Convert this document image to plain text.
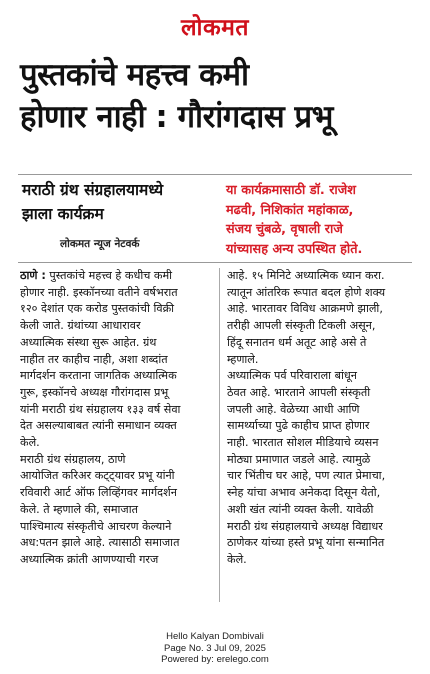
लोकमत
पुस्तकांचे महत्त्व कमी
होणार नाही : गौरांगदास प्रभू
मराठी ग्रंथ संग्रहालयामध्ये
झाला कार्यक्रम
लोकमत न्यूज नेटवर्क
या कार्यक्रमासाठी डॉ. राजेश
मढवी, निशिकांत महांकाळ,
संजय चुंबळे, वृषाली राजे
यांच्यासह अन्य उपस्थित होते.
ठाणे : पुस्तकांचे महत्त्व हे कधीच कमी
होणार नाही. इस्कॉनच्या वतीने वर्षभरात
१२० देशांत एक करोड पुस्तकांची विक्री
केली जाते. ग्रंथांच्या आधारावर
अध्यात्मिक संस्था सुरू आहेत. ग्रंथ
नाहीत तर काहीच नाही, अशा शब्दांत
मार्गदर्शन करताना जागतिक अध्यात्मिक
गुरू, इस्कॉनचे अध्यक्ष गौरांगदास प्रभू
यांनी मराठी ग्रंथ संग्रहालय १३३ वर्ष सेवा
देत असल्याबाबत त्यांनी समाधान व्यक्त
केले.
मराठी ग्रंथ संग्रहालय, ठाणे
आयोजित करिअर कट्ट्यावर प्रभू यांनी
रविवारी आर्ट ऑफ लिव्हिंगवर मार्गदर्शन
केले. ते म्हणाले की, समाजात
पाश्चिमात्य संस्कृतीचे आचरण केल्याने
अध:पतन झाले आहे. त्यासाठी समाजात
अध्यात्मिक क्रांती आणण्याची गरज
आहे. १५ मिनिटे अध्यात्मिक ध्यान करा.
त्यातून आंतरिक रूपात बदल होणे शक्य
आहे. भारतावर विविध आक्रमणे झाली,
तरीही आपली संस्कृती टिकली असून,
हिंदू सनातन धर्म अतूट आहे असे ते
म्हणाले.
अध्यात्मिक पर्व परिवाराला बांधून
ठेवत आहे. भारताने आपली संस्कृती
जपली आहे. वेळेच्या आधी आणि
सामर्थ्याच्या पुढे काहीच प्राप्त होणार
नाही. भारतात सोशल मीडियाचे व्यसन
मोठ्या प्रमाणात जडले आहे. त्यामुळे
चार भिंतीच घर आहे, पण त्यात प्रेमाचा,
स्नेह यांचा अभाव अनेकदा दिसून येतो,
अशी खंत त्यांनी व्यक्त केली. यावेळी
मराठी ग्रंथ संग्रहालयाचे अध्यक्ष विद्याधर
ठाणेकर यांच्या हस्ते प्रभू यांना सन्मानित
केले.
Hello Kalyan Dombivali
Page No. 3 Jul 09, 2025
Powered by: erelego.com
